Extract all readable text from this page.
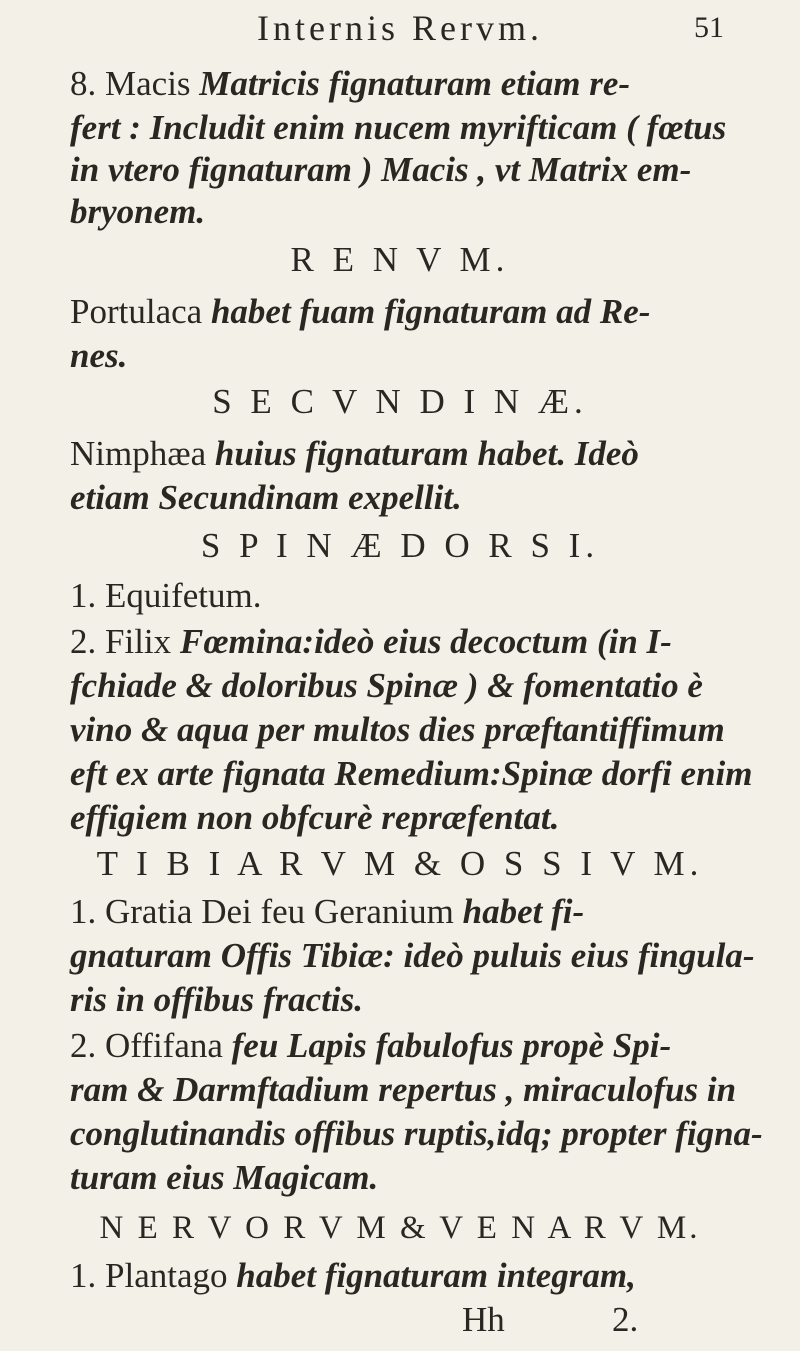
Internis Rervm.	51
8. Macis Matricis fignaturam etiam re-
fert : Includit enim nucem myrifticam ( fœtus
in vtero fignaturam ) Macis , vt Matrix em-
bryonem.
R E N V M.
Portulaca habet fuam fignaturam ad Re-
nes.
S E C V N D I N Æ.
Nimphæa huius fignaturam habet. Ideò
etiam Secundinam expellit.
S P I N Æ D O R S I.
1. Equifetum.
2. Filix Fœmina:ideò eius decoctum (in I-
fchiade & doloribus Spinæ ) & fomentatio è
vino & aqua per multos dies præftantiffimum
eft ex arte fignata Remedium:Spinæ dorfi enim
effigiem non obfcurè repræfentat.
T I B I A R V M & O S S I V M.
1. Gratia Dei feu Geranium habet fi-
gnaturam Offis Tibiæ: ideò puluis eius fingula-
ris in offibus fractis.
2. Offifana feu Lapis fabulofus propè Spi-
ram & Darmftadium repertus , miraculofus in
conglutinandis offibus ruptis,idq; propter figna-
turam eius Magicam.
N E R V O R V M & V E N A R V M.
1. Plantago habet fignaturam integram,
Hh	2.
